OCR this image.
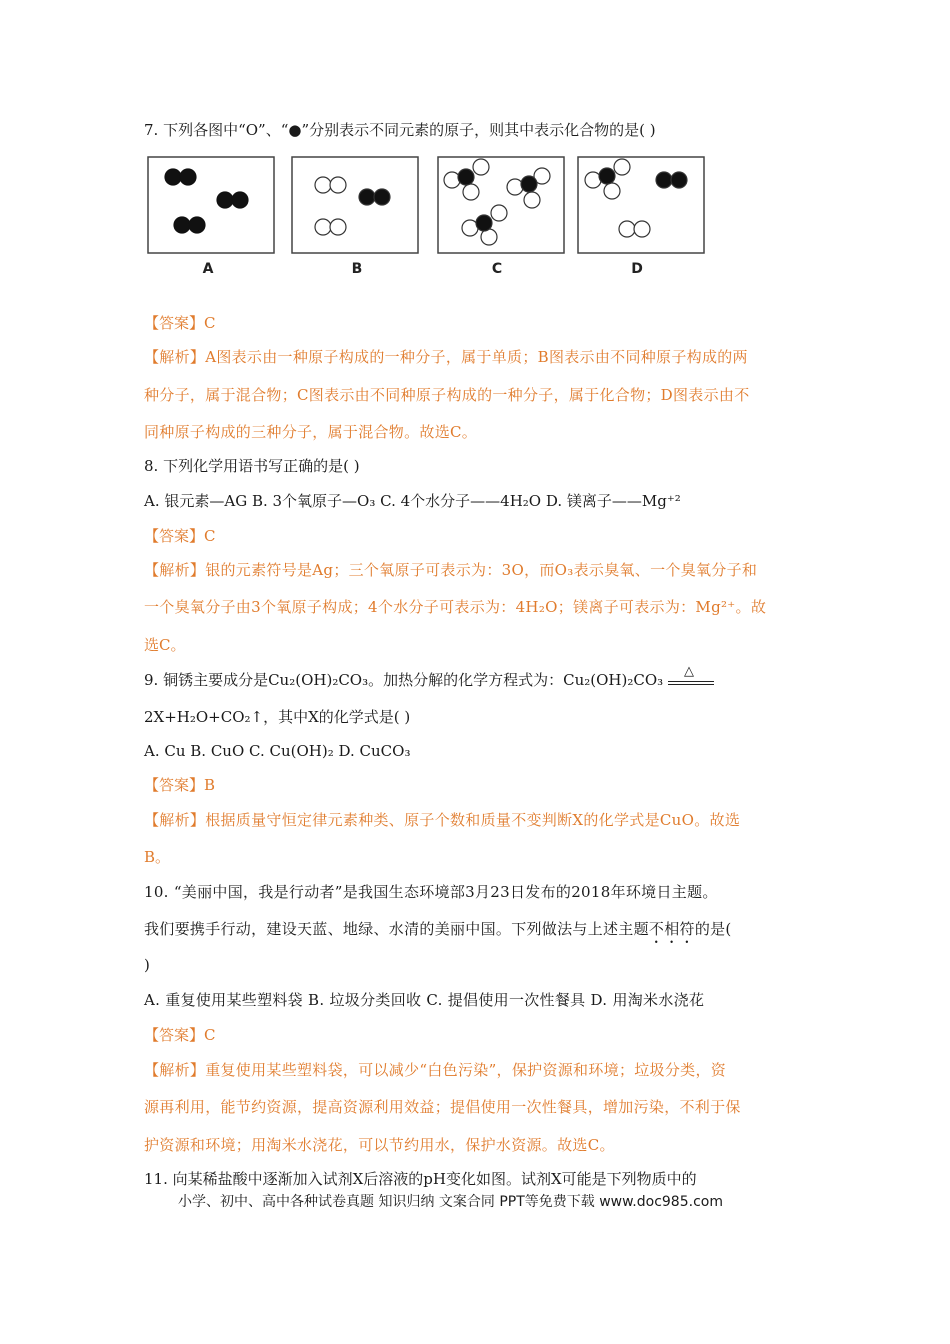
7. 下列各图中“O”、“●”分别表示不同元素的原子，则其中表示化合物的是( )
A	B	C	D
【答案】C
【解析】A图表示由一种原子构成的一种分子，属于单质；B图表示由不同种原子构成的两
种分子，属于混合物；C图表示由不同种原子构成的一种分子，属于化合物；D图表示由不
同种原子构成的三种分子，属于混合物。故选C。
8. 下列化学用语书写正确的是( )
A. 银元素—AG B. 3个氧原子—O₃ C. 4个水分子——4H₂O D. 镁离子——Mg⁺²
【答案】C
【解析】银的元素符号是Ag；三个氧原子可表示为：3O，而O₃表示臭氧、一个臭氧分子和
一个臭氧分子由3个氧原子构成；4个水分子可表示为：4H₂O；镁离子可表示为：Mg²⁺。故
选C。
9. 铜锈主要成分是Cu₂(OH)₂CO₃。加热分解的化学方程式为：Cu₂(OH)₂CO₃ △
2X+H₂O+CO₂↑，其中X的化学式是( )
A. Cu B. CuO C. Cu(OH)₂ D. CuCO₃
【答案】B
【解析】根据质量守恒定律元素种类、原子个数和质量不变判断X的化学式是CuO。故选
B。
10. “美丽中国，我是行动者”是我国生态环境部3月23日发布的2018年环境日主题。
我们要携手行动，建设天蓝、地绿、水清的美丽中国。下列做法与上述主题不相符的是(
)
A. 重复使用某些塑料袋 B. 垃圾分类回收 C. 提倡使用一次性餐具 D. 用淘米水浇花
【答案】C
【解析】重复使用某些塑料袋，可以减少“白色污染”，保护资源和环境；垃圾分类，资
源再利用，能节约资源，提高资源利用效益；提倡使用一次性餐具，增加污染，不利于保
护资源和环境；用淘米水浇花，可以节约用水，保护水资源。故选C。
11. 向某稀盐酸中逐渐加入试剂X后溶液的pH变化如图。试剂X可能是下列物质中的
小学、初中、高中各种试卷真题 知识归纳 文案合同 PPT等免费下载 www.doc985.com
